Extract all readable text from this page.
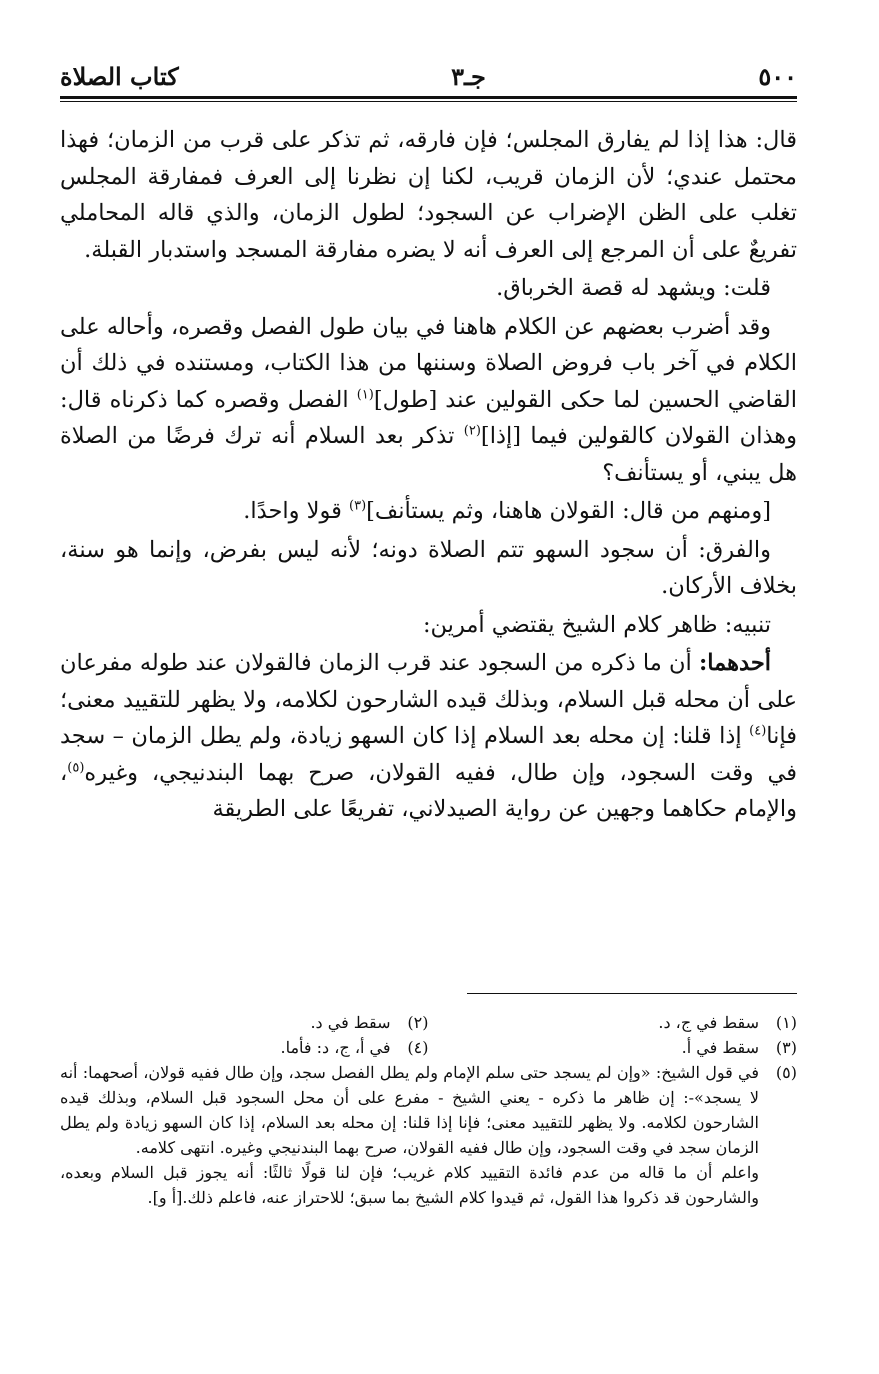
٥٠٠
جـ٣
كتاب الصلاة

قال: هذا إذا لم يفارق المجلس؛ فإن فارقه، ثم تذكر على قرب من الزمان؛ فهذا محتمل عندي؛ لأن الزمان قريب، لكنا إن نظرنا إلى العرف فمفارقة المجلس تغلب على الظن الإضراب عن السجود؛ لطول الزمان، والذي قاله المحاملي تفريعٌ على أن المرجع إلى العرف أنه لا يضره مفارقة المسجد واستدبار القبلة.

قلت: ويشهد له قصة الخرباق.

وقد أضرب بعضهم عن الكلام هاهنا في بيان طول الفصل وقصره، وأحاله على الكلام في آخر باب فروض الصلاة وسننها من هذا الكتاب، ومستنده في ذلك أن القاضي الحسين لما حكى القولين عند [طول]$^{(١)}$ الفصل وقصره كما ذكرناه قال: وهذان القولان كالقولين فيما [إذا]$^{(٢)}$ تذكر بعد السلام أنه ترك فرضًا من الصلاة هل يبني، أو يستأنف؟

[ومنهم من قال: القولان هاهنا، وثم يستأنف]$^{(٣)}$ قولا واحدًا.

والفرق: أن سجود السهو تتم الصلاة دونه؛ لأنه ليس بفرض، وإنما هو سنة، بخلاف الأركان.

تنبيه: ظاهر كلام الشيخ يقتضي أمرين:

أحدهما: أن ما ذكره من السجود عند قرب الزمان فالقولان عند طوله مفرعان على أن محله قبل السلام، وبذلك قيده الشارحون لكلامه، ولا يظهر للتقييد معنى؛ فإنا$^{(٤)}$ إذا قلنا: إن محله بعد السلام إذا كان السهو زيادة، ولم يطل الزمان – سجد في وقت السجود، وإن طال، ففيه القولان، صرح بهما البندنيجي، وغيره$^{(٥)}$، والإمام حكاهما وجهين عن رواية الصيدلاني، تفريعًا على الطريقة

(١)
سقط في ج، د.
(٢)
سقط في د.
(٣)
سقط في أ.
(٤)
في أ، ج، د: فأما.
(٥)
في قول الشيخ: «وإن لم يسجد حتى سلم الإمام ولم يطل الفصل سجد، وإن طال ففيه قولان، أصحهما: أنه لا يسجد»-: إن ظاهر ما ذكره - يعني الشيخ - مفرع على أن محل السجود قبل السلام، وبذلك قيده الشارحون لكلامه. ولا يظهر للتقييد معنى؛ فإنا إذا قلنا: إن محله بعد السلام، إذا كان السهو زيادة ولم يطل الزمان سجد في وقت السجود، وإن طال ففيه القولان، صرح بهما البندنيجي وغيره. انتهى كلامه.
واعلم أن ما قاله من عدم فائدة التقييد كلام غريب؛ فإن لنا قولًا ثالثًا: أنه يجوز قبل السلام وبعده، والشارحون قد ذكروا هذا القول، ثم قيدوا كلام الشيخ بما سبق؛ للاحتراز عنه، فاعلم ذلك.[أ و].
